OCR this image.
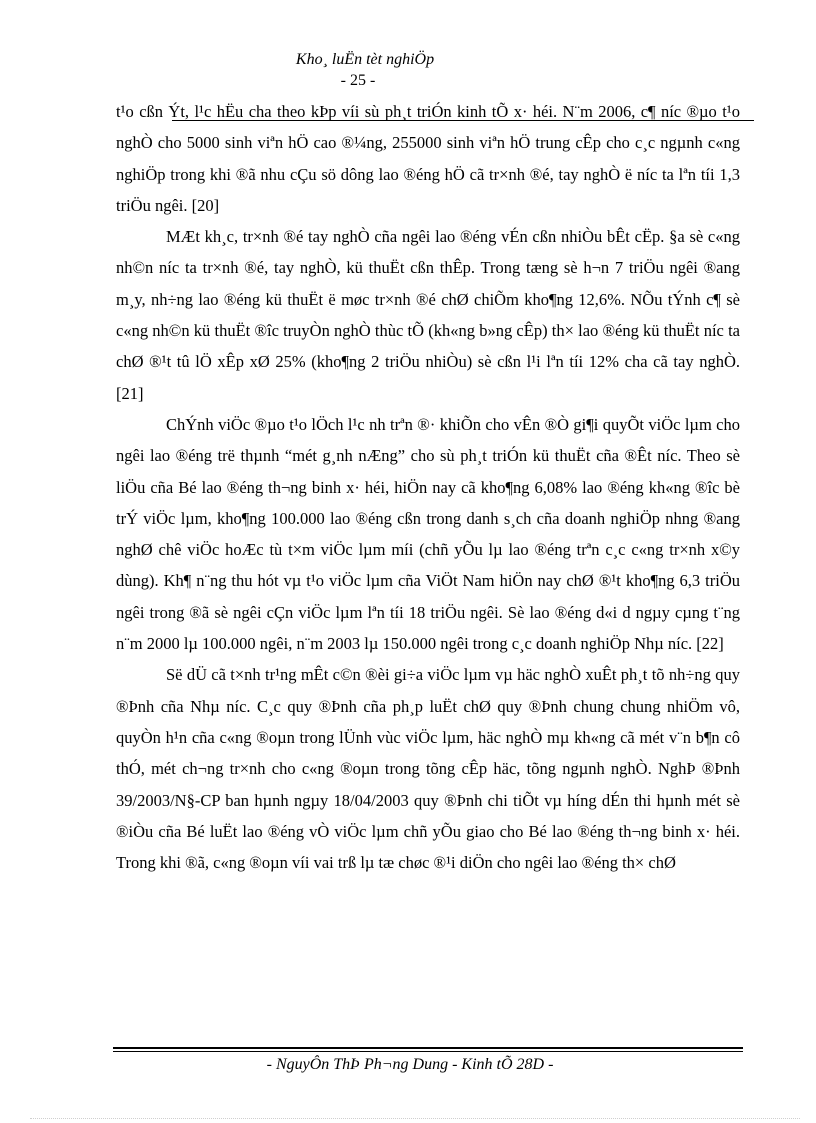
Kho¸ luËn tèt nghiÖp
- 25 -

t¹o cßn Ýt, l¹c hËu cha theo kÞp víi sù ph¸t triÓn kinh tÕ x· héi. N¨m 2006, c¶ níc ®µo t¹o nghÒ cho 5000 sinh viªn hÖ cao ®¼ng, 255000 sinh viªn hÖ trung cÊp cho c¸c ngµnh c«ng nghiÖp trong khi ®ã nhu cÇu sö dông lao ®éng hÖ cã tr×nh ®é, tay nghÒ ë níc ta lªn tíi 1,3 triÖu ngêi. [20]

MÆt kh¸c, tr×nh ®é tay nghÒ cña ngêi lao ®éng vÉn cßn nhiÒu bÊt cËp. §a sè c«ng nh©n níc ta tr×nh ®é, tay nghÒ, kü thuËt cßn thÊp. Trong tæng sè h¬n 7 triÖu ngêi ®ang m¸y, nh÷ng lao ®éng kü thuËt ë møc tr×nh ®é chØ chiÕm kho¶ng 12,6%. NÕu tÝnh c¶ sè c«ng nh©n kü thuËt ®îc truyÒn nghÒ thùc tÕ (kh«ng b»ng cÊp) th× lao ®éng kü thuËt níc ta chØ ®¹t tû lÖ xÊp xØ 25% (kho¶ng 2 triÖu nhiÒu) sè cßn l¹i lªn tíi 12% cha cã tay nghÒ. [21]

ChÝnh viÖc ®µo t¹o lÖch l¹c nh trªn ®· khiÕn cho vÊn ®Ò gi¶i quyÕt viÖc lµm cho ngêi lao ®éng trë thµnh “mét g¸nh nÆng” cho sù ph¸t triÓn kü thuËt cña ®Êt níc. Theo sè liÖu cña Bé lao ®éng th¬ng binh x· héi, hiÖn nay cã kho¶ng 6,08% lao ®éng kh«ng ®îc bè trÝ viÖc lµm, kho¶ng 100.000 lao ®éng cßn trong danh s¸ch cña doanh nghiÖp nhng ®ang nghØ chê viÖc hoÆc tù t×m viÖc lµm míi (chñ yÕu lµ lao ®éng trªn c¸c c«ng tr×nh x©y dùng). Kh¶ n¨ng thu hót vµ t¹o viÖc lµm cña ViÖt Nam hiÖn nay chØ ®¹t kho¶ng 6,3 triÖu ngêi trong ®ã sè ngêi cÇn viÖc lµm lªn tíi 18 triÖu ngêi. Sè lao ®éng d«i d ngµy cµng t¨ng n¨m 2000 lµ 100.000 ngêi, n¨m 2003 lµ 150.000 ngêi trong c¸c doanh nghiÖp Nhµ níc. [22]

Së dÜ cã t×nh tr¹ng mÊt c©n ®èi gi÷a viÖc lµm vµ häc nghÒ xuÊt ph¸t tõ nh÷ng quy ®Þnh cña Nhµ níc. C¸c quy ®Þnh cña ph¸p luËt chØ quy ®Þnh chung chung nhiÖm vô, quyÒn h¹n cña c«ng ®oµn trong lÜnh vùc viÖc lµm, häc nghÒ mµ kh«ng cã mét v¨n b¶n cô thÓ, mét ch¬ng tr×nh cho c«ng ®oµn trong tõng cÊp häc, tõng ngµnh nghÒ. NghÞ ®Þnh 39/2003/N§-CP ban hµnh ngµy 18/04/2003 quy ®Þnh chi tiÕt vµ híng dÉn thi hµnh mét sè ®iÒu cña Bé luËt lao ®éng vÒ viÖc lµm chñ yÕu giao cho Bé lao ®éng th¬ng binh x· héi. Trong khi ®ã, c«ng ®oµn víi vai trß lµ tæ chøc ®¹i diÖn cho ngêi lao ®éng th× chØ

- NguyÔn ThÞ Ph¬ng Dung - Kinh tÕ 28D -
